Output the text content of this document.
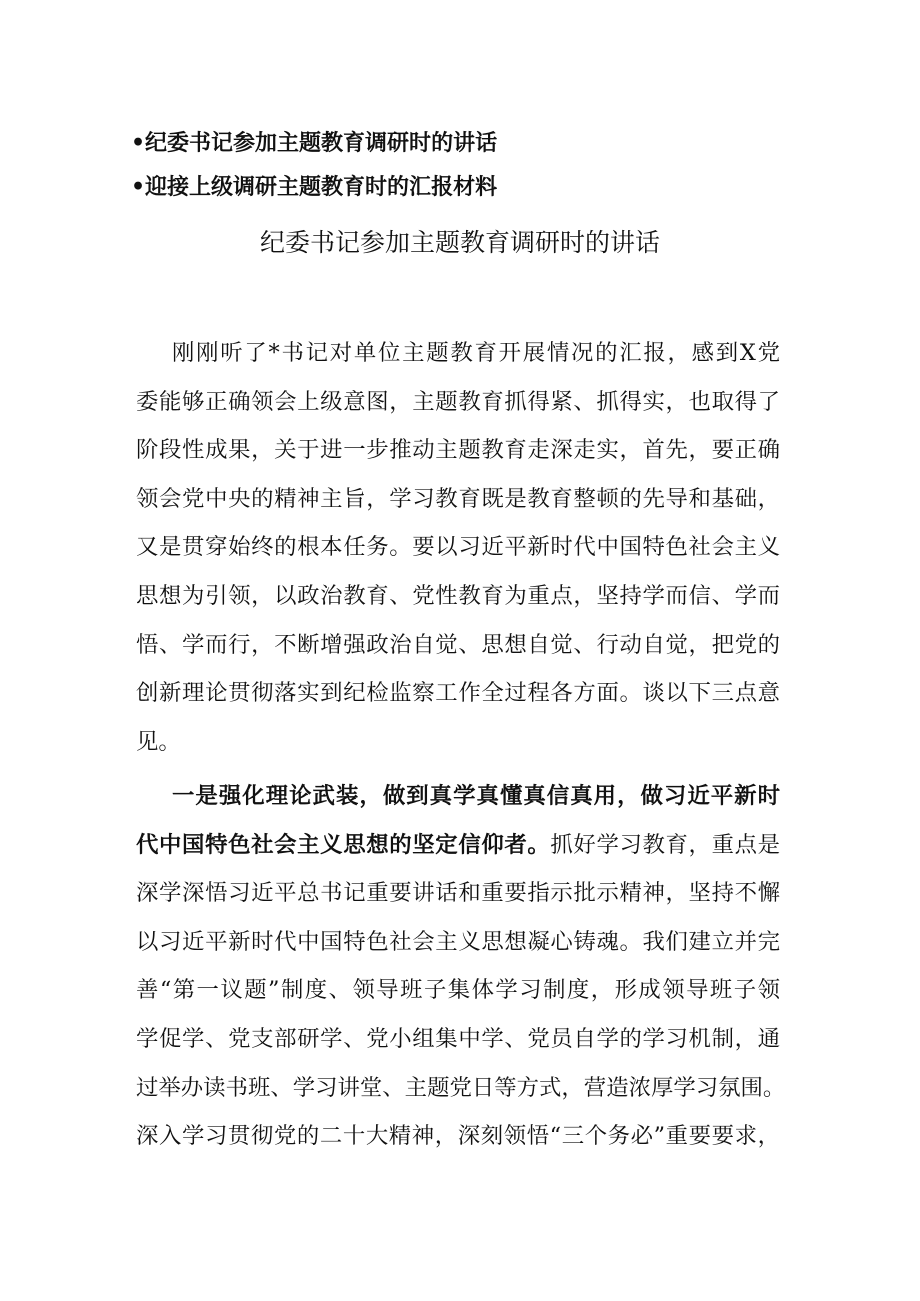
•纪委书记参加主题教育调研时的讲话
•迎接上级调研主题教育时的汇报材料
纪委书记参加主题教育调研时的讲话
刚刚听了*书记对单位主题教育开展情况的汇报，感到X党
委能够正确领会上级意图，主题教育抓得紧、抓得实，也取得了
阶段性成果，关于进一步推动主题教育走深走实，首先，要正确
领会党中央的精神主旨，学习教育既是教育整顿的先导和基础，
又是贯穿始终的根本任务。要以习近平新时代中国特色社会主义
思想为引领，以政治教育、党性教育为重点，坚持学而信、学而
悟、学而行，不断增强政治自觉、思想自觉、行动自觉，把党的
创新理论贯彻落实到纪检监察工作全过程各方面。谈以下三点意
见。
一是强化理论武装，做到真学真懂真信真用，做习近平新时
代中国特色社会主义思想的坚定信仰者。抓好学习教育，重点是
深学深悟习近平总书记重要讲话和重要指示批示精神，坚持不懈
以习近平新时代中国特色社会主义思想凝心铸魂。我们建立并完
善“第一议题”制度、领导班子集体学习制度，形成领导班子领
学促学、党支部研学、党小组集中学、党员自学的学习机制，通
过举办读书班、学习讲堂、主题党日等方式，营造浓厚学习氛围。
深入学习贯彻党的二十大精神，深刻领悟“三个务必”重要要求，
